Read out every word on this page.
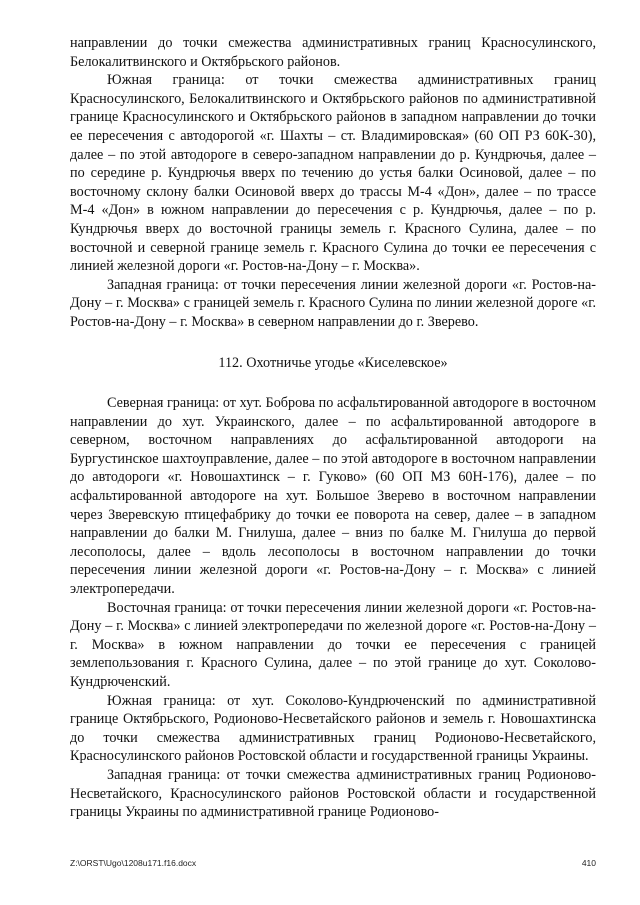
направлении до точки смежества административных границ Красносулинского, Белокалитвинского и Октябрьского районов.

Южная граница: от точки смежества административных границ Красносулинского, Белокалитвинского и Октябрьского районов по административной границе Красносулинского и Октябрьского районов в западном направлении до точки ее пересечения с автодорогой «г. Шахты – ст. Владимировская» (60 ОП РЗ 60К-30), далее – по этой автодороге в северо-западном направлении до р. Кундрючья, далее – по середине р. Кундрючья вверх по течению до устья балки Осиновой, далее – по восточному склону балки Осиновой вверх до трассы М-4 «Дон», далее – по трассе М-4 «Дон» в южном направлении до пересечения с р. Кундрючья, далее – по р. Кундрючья вверх до восточной границы земель г. Красного Сулина, далее – по восточной и северной границе земель г. Красного Сулина до точки ее пересечения с линией железной дороги «г. Ростов-на-Дону – г. Москва».

Западная граница: от точки пересечения линии железной дороги «г. Ростов-на-Дону – г. Москва» с границей земель г. Красного Сулина по линии железной дороге «г. Ростов-на-Дону – г. Москва» в северном направлении до г. Зверево.

112. Охотничье угодье «Киселевское»

Северная граница: от хут. Боброва по асфальтированной автодороге в восточном направлении до хут. Украинского, далее – по асфальтированной автодороге в северном, восточном направлениях до асфальтированной автодороги на Бургустинское шахтоуправление, далее – по этой автодороге в восточном направлении до автодороги «г. Новошахтинск – г. Гуково» (60 ОП МЗ 60Н-176), далее – по асфальтированной автодороге на хут. Большое Зверево в восточном направлении через Зверевскую птицефабрику до точки ее поворота на север, далее – в западном направлении до балки М. Гнилуша, далее – вниз по балке М. Гнилуша до первой лесополосы, далее – вдоль лесополосы в восточном направлении до точки пересечения линии железной дороги «г. Ростов-на-Дону – г. Москва» с линией электропередачи.

Восточная граница: от точки пересечения линии железной дороги «г. Ростов-на-Дону – г. Москва» с линией электропередачи по железной дороге «г. Ростов-на-Дону – г. Москва» в южном направлении до точки ее пересечения с границей землепользования г. Красного Сулина, далее – по этой границе до хут. Соколово-Кундрюченский.

Южная граница: от хут. Соколово-Кундрюченский по административной границе Октябрьского, Родионово-Несветайского районов и земель г. Новошахтинска до точки смежества административных границ Родионово-Несветайского, Красносулинского районов Ростовской области и государственной границы Украины.

Западная граница: от точки смежества административных границ Родионово-Несветайского, Красносулинского районов Ростовской области и государственной границы Украины по административной границе Родионово-

Z:\ORST\Ugo\1208u171.f16.docx	410
